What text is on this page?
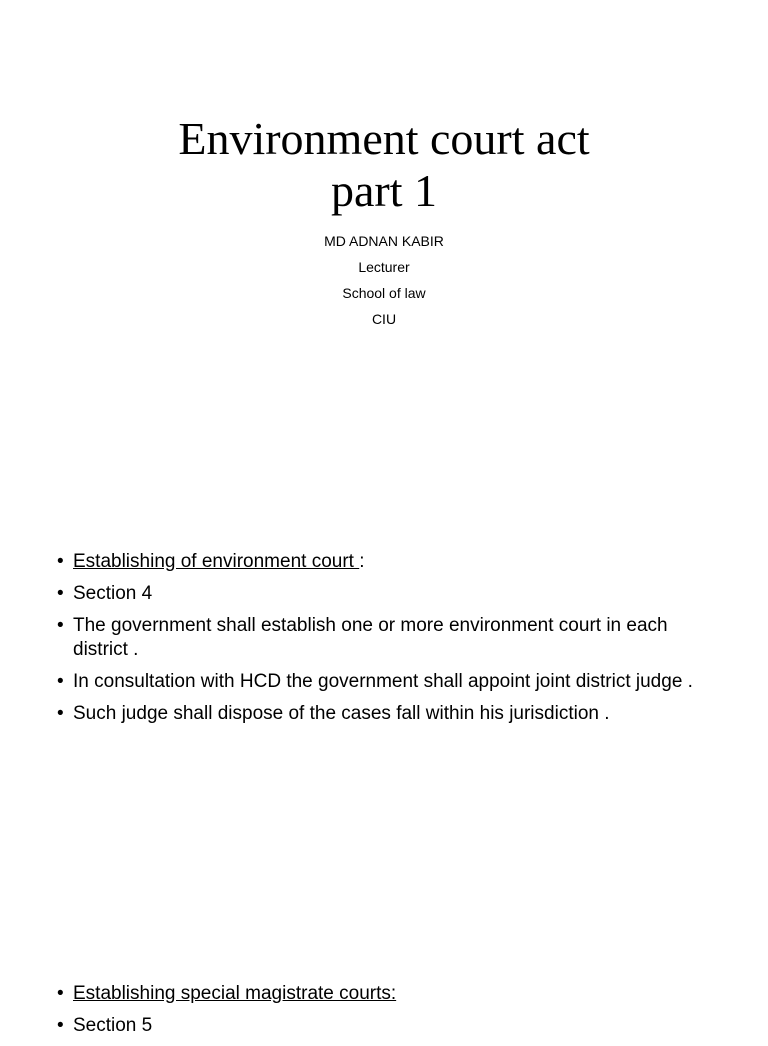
Environment court act
part 1
MD ADNAN KABIR
Lecturer
School of law
CIU
• Establishing of environment court :
• Section 4
• The government shall establish one or more environment court in each district .
• In consultation with HCD the government shall appoint joint district judge .
• Such judge shall dispose of the cases fall within his jurisdiction .
• Establishing special magistrate courts:
• Section 5
